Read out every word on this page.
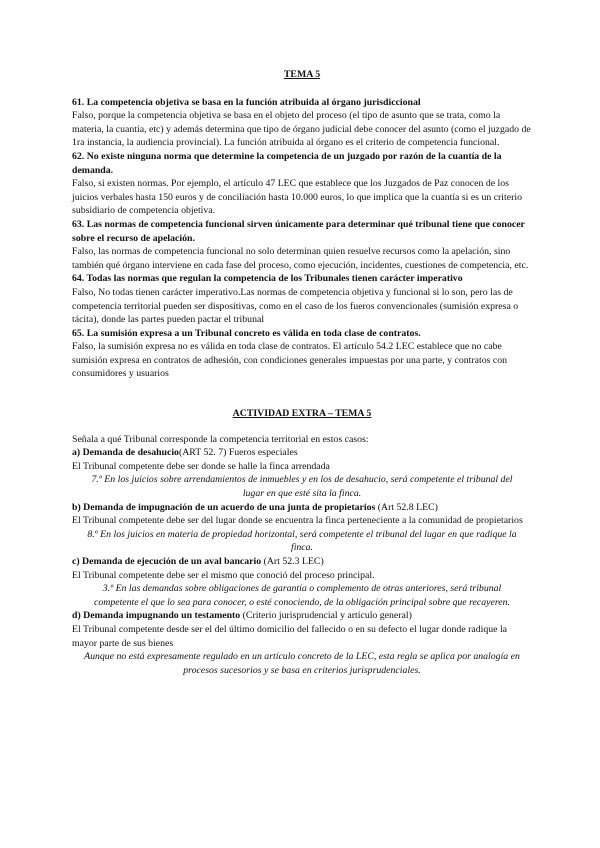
TEMA 5

61. La competencia objetiva se basa en la función atribuida al órgano jurisdiccional

Falso, porque la competencia objetiva se basa en el objeto del proceso (el tipo de asunto que se trata, como la materia, la cuantía, etc) y además determina que tipo de órgano judicial debe conocer del asunto (como el juzgado de 1ra instancia, la audiencia provincial). La función atribuida al órgano es el criterio de competencia funcional.

62. No existe ninguna norma que determine la competencia de un juzgado por razón de la cuantía de la demanda.

Falso, si existen normas. Por ejemplo, el artículo 47 LEC que establece que los Juzgados de Paz conocen de los juicios verbales hasta 150 euros y de conciliación hasta 10.000 euros, lo que implica que la cuantía si es un criterio subsidiario de competencia objetiva.

63. Las normas de competencia funcional sirven únicamente para determinar qué tribunal tiene que conocer sobre el recurso de apelación.

Falso, las normas de competencia funcional no solo determinan quien resuelve recursos como la apelación, sino también qué órgano interviene en cada fase del proceso, como ejecución, incidentes, cuestiones de competencia, etc.

64. Todas las normas que regulan la competencia de los Tribunales tienen carácter imperativo

Falso, No todas tienen carácter imperativo.Las normas de competencia objetiva y funcional si lo son, pero las de competencia territorial pueden ser dispositivas, como en el caso de los fueros convencionales (sumisión expresa o tácita), donde las partes pueden pactar el tribunal

65. La sumisión expresa a un Tribunal concreto es válida en toda clase de contratos.

Falso, la sumisión expresa no es válida en toda clase de contratos. El artículo 54.2 LEC establece que no cabe sumisión expresa en contratos de adhesión, con condiciones generales impuestas por una parte, y contratos con consumidores y usuarios

ACTIVIDAD EXTRA – TEMA 5

Señala a qué Tribunal corresponde la competencia territorial en estos casos:

a) Demanda de desahucio(ART 52. 7) Fueros especiales

El Tribunal competente debe ser donde se halle la finca arrendada

7.º En los juicios sobre arrendamientos de inmuebles y en los de desahucio, será competente el tribunal del lugar en que esté sita la finca.

b) Demanda de impugnación de un acuerdo de una junta de propietarios (Art 52.8 LEC)

El Tribunal competente debe ser del lugar donde se encuentra la finca perteneciente a la comunidad de propietarios

8.º En los juicios en materia de propiedad horizontal, será competente el tribunal del lugar en que radique la finca.

c) Demanda de ejecución de un aval bancario (Art 52.3 LEC)

El Tribunal competente debe ser el mismo que conoció del proceso principal.

3.º En las demandas sobre obligaciones de garantía o complemento de otras anteriores, será tribunal competente el que lo sea para conocer, o esté conociendo, de la obligación principal sobre que recayeren.

d) Demanda impugnando un testamento (Criterio jurisprudencial y artículo general)

El Tribunal competente desde ser el del último domicilio del fallecido o en su defecto el lugar donde radique la mayor parte de sus bienes

Aunque no está expresamente regulado en un artículo concreto de la LEC, esta regla se aplica por analogía en procesos sucesorios y se basa en criterios jurisprudenciales.
